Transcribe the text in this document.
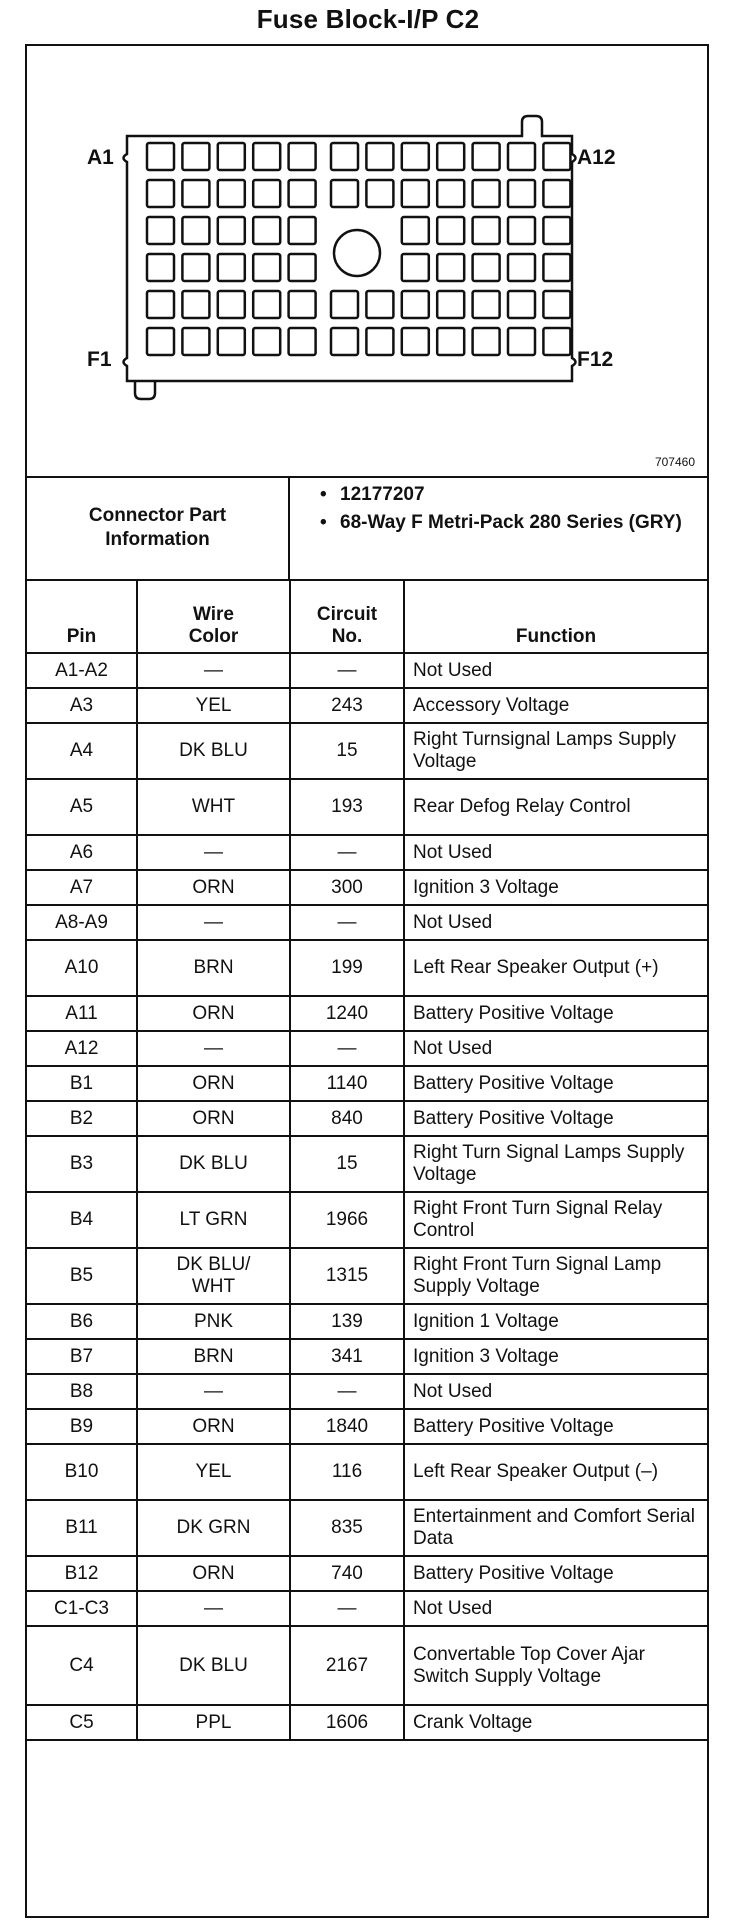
Fuse Block-I/P C2
A1	A12
F1	F12
707460
Connector Part Information
• 12177207
• 68-Way F Metri-Pack 280 Series (GRY)
Pin	Wire Color	Circuit No.	Function
A1-A2	—	—	Not Used
A3	YEL	243	Accessory Voltage
A4	DK BLU	15	Right Turnsignal Lamps Supply Voltage
A5	WHT	193	Rear Defog Relay Control
A6	—	—	Not Used
A7	ORN	300	Ignition 3 Voltage
A8-A9	—	—	Not Used
A10	BRN	199	Left Rear Speaker Output (+)
A11	ORN	1240	Battery Positive Voltage
A12	—	—	Not Used
B1	ORN	1140	Battery Positive Voltage
B2	ORN	840	Battery Positive Voltage
B3	DK BLU	15	Right Turn Signal Lamps Supply Voltage
B4	LT GRN	1966	Right Front Turn Signal Relay Control
B5	DK BLU/ WHT	1315	Right Front Turn Signal Lamp Supply Voltage
B6	PNK	139	Ignition 1 Voltage
B7	BRN	341	Ignition 3 Voltage
B8	—	—	Not Used
B9	ORN	1840	Battery Positive Voltage
B10	YEL	116	Left Rear Speaker Output (–)
B11	DK GRN	835	Entertainment and Comfort Serial Data
B12	ORN	740	Battery Positive Voltage
C1-C3	—	—	Not Used
C4	DK BLU	2167	Convertable Top Cover Ajar Switch Supply Voltage
C5	PPL	1606	Crank Voltage
